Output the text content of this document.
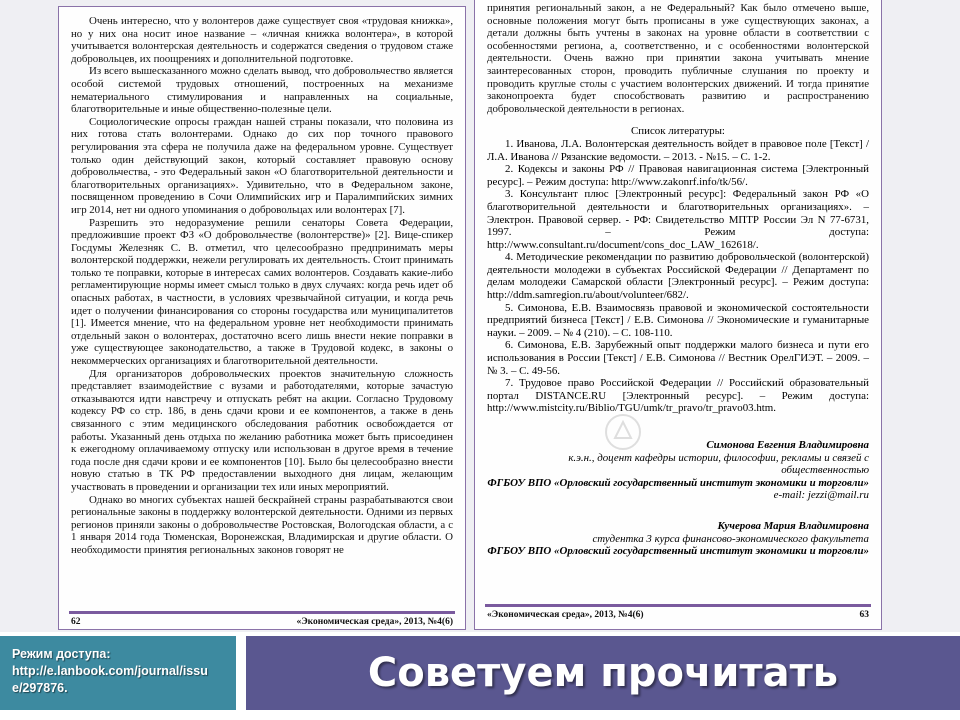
Очень интересно, что у волонтеров даже существует своя «трудовая книжка», но у них она носит иное название – «личная книжка волонтера», в которой учитывается волонтерская деятельность и содержатся сведения о трудовом стаже добровольцев, их поощрениях и дополнительной подготовке.

Из всего вышесказанного можно сделать вывод, что добровольчество является особой системой трудовых отношений, построенных на механизме нематериального стимулирования и направленных на социальные, благотворительные и иные общественно-полезные цели.

Социологические опросы граждан нашей страны показали, что половина из них готова стать волонтерами. Однако до сих пор точного правового регулирования эта сфера не получила даже на федеральном уровне. Существует только один действующий закон, который составляет правовую основу добровольчества, - это Федеральный закон «О благотворительной деятельности и благотворительных организациях». Удивительно, что в Федеральном законе, посвященном проведению в Сочи Олимпийских игр и Паралимпийских зимних игр 2014, нет ни одного упоминания о добровольцах или волонтерах [7].

Разрешить это недоразумение решили сенаторы Совета Федерации, предложившие проект ФЗ «О добровольчестве (волонтерстве)» [2]. Вице-спикер Госдумы Железняк С. В. отметил, что целесообразно предпринимать меры волонтерской поддержки, нежели регулировать их деятельность. Стоит принимать только те поправки, которые в интересах самих волонтеров. Создавать какие-либо регламентирующие нормы имеет смысл только в двух случаях: когда речь идет об опасных работах, в частности, в условиях чрезвычайной ситуации, и когда речь идет о получении финансирования со стороны государства или муниципалитетов [1]. Имеется мнение, что на федеральном уровне нет необходимости принимать отдельный закон о волонтерах, достаточно всего лишь внести некие поправки в уже существующее законодательство, а также в Трудовой кодекс, в законы о некоммерческих организациях и благотворительной деятельности.

Для организаторов добровольческих проектов значительную сложность представляет взаимодействие с вузами и работодателями, которые зачастую отказываются идти навстречу и отпускать ребят на акции. Согласно Трудовому кодексу РФ со стр. 186, в день сдачи крови и ее компонентов, а также в день связанного с этим медицинского обследования работник освобождается от работы. Указанный день отдыха по желанию работника может быть присоединен к ежегодному оплачиваемому отпуску или использован в другое время в течение года после дня сдачи крови и ее компонентов [10]. Было бы целесообразно внести новую статью в ТК РФ предоставлении выходного дня лицам, желающим участвовать в проведении и организации тех или иных мероприятий.

Однако во многих субъектах нашей бескрайней страны разрабатываются свои региональные законы в поддержку волонтерской деятельности. Одними из первых регионов приняли законы о добровольчестве Ростовская, Вологодская области, а с 1 января 2014 года Тюменская, Воронежская, Владимирская и другие области. О необходимости принятия региональных законов говорят не

62	«Экономическая среда», 2013, №4(6)

принятия региональный закон, а не Федеральный? Как было отмечено выше, основные положения могут быть прописаны в уже существующих законах, а детали должны быть учтены в законах на уровне области в соответствии с особенностями региона, а, соответственно, и с особенностями волонтерской деятельности. Очень важно при принятии закона учитывать мнение заинтересованных сторон, проводить публичные слушания по проекту и проводить круглые столы с участием волонтерских движений. И тогда принятие законопроекта будет способствовать развитию и распространению добровольческой деятельности в регионах.

Список литературы:

1. Иванова, Л.А. Волонтерская деятельность войдет в правовое поле [Текст] / Л.А. Иванова // Рязанские ведомости. – 2013. - №15. – С. 1-2.

2. Кодексы и законы РФ // Правовая навигационная система [Электронный ресурс]. – Режим доступа: http://www.zakonrf.info/tk/56/.

3. Консультант плюс [Электронный ресурс]: Федеральный закон РФ «О благотворительной деятельности и благотворительных организациях». – Электрон. Правовой сервер. - РФ: Свидетельство МПТР России Эл N 77-6731, 1997. – Режим доступа: http://www.consultant.ru/document/cons_doc_LAW_162618/.

4. Методические рекомендации по развитию добровольческой (волонтерской) деятельности молодежи в субъектах Российской Федерации // Департамент по делам молодежи Самарской области [Электронный ресурс]. – Режим доступа: http://ddm.samregion.ru/about/volunteer/682/.

5. Симонова, Е.В. Взаимосвязь правовой и экономической состоятельности предприятий бизнеса [Текст] / Е.В. Симонова // Экономические и гуманитарные науки. – 2009. – № 4 (210). – С. 108-110.

6. Симонова, Е.В. Зарубежный опыт поддержки малого бизнеса и пути его использования в России [Текст] / Е.В. Симонова // Вестник ОрелГИЭТ. – 2009. – № 3. – С. 49-56.

7. Трудовое право Российской Федерации // Российский образовательный портал DISTANCE.RU [Электронный ресурс]. – Режим доступа: http://www.mistcity.ru/Biblio/TGU/umk/tr_pravo/tr_pravo03.htm.

Симонова Евгения Владимировна

к.э.н., доцент кафедры истории, философии, рекламы и связей с общественностью

ФГБОУ ВПО «Орловский государственный институт экономики и торговли»

e-mail: jezzi@mail.ru

Кучерова Мария Владимировна

студентка 3 курса финансово-экономического факультета

ФГБОУ ВПО «Орловский государственный институт экономики и торговли»

«Экономическая среда», 2013, №4(6)	63
Режим доступа:
http://e.lanbook.com/journal/issu
e/297876.	Советуем прочитать
